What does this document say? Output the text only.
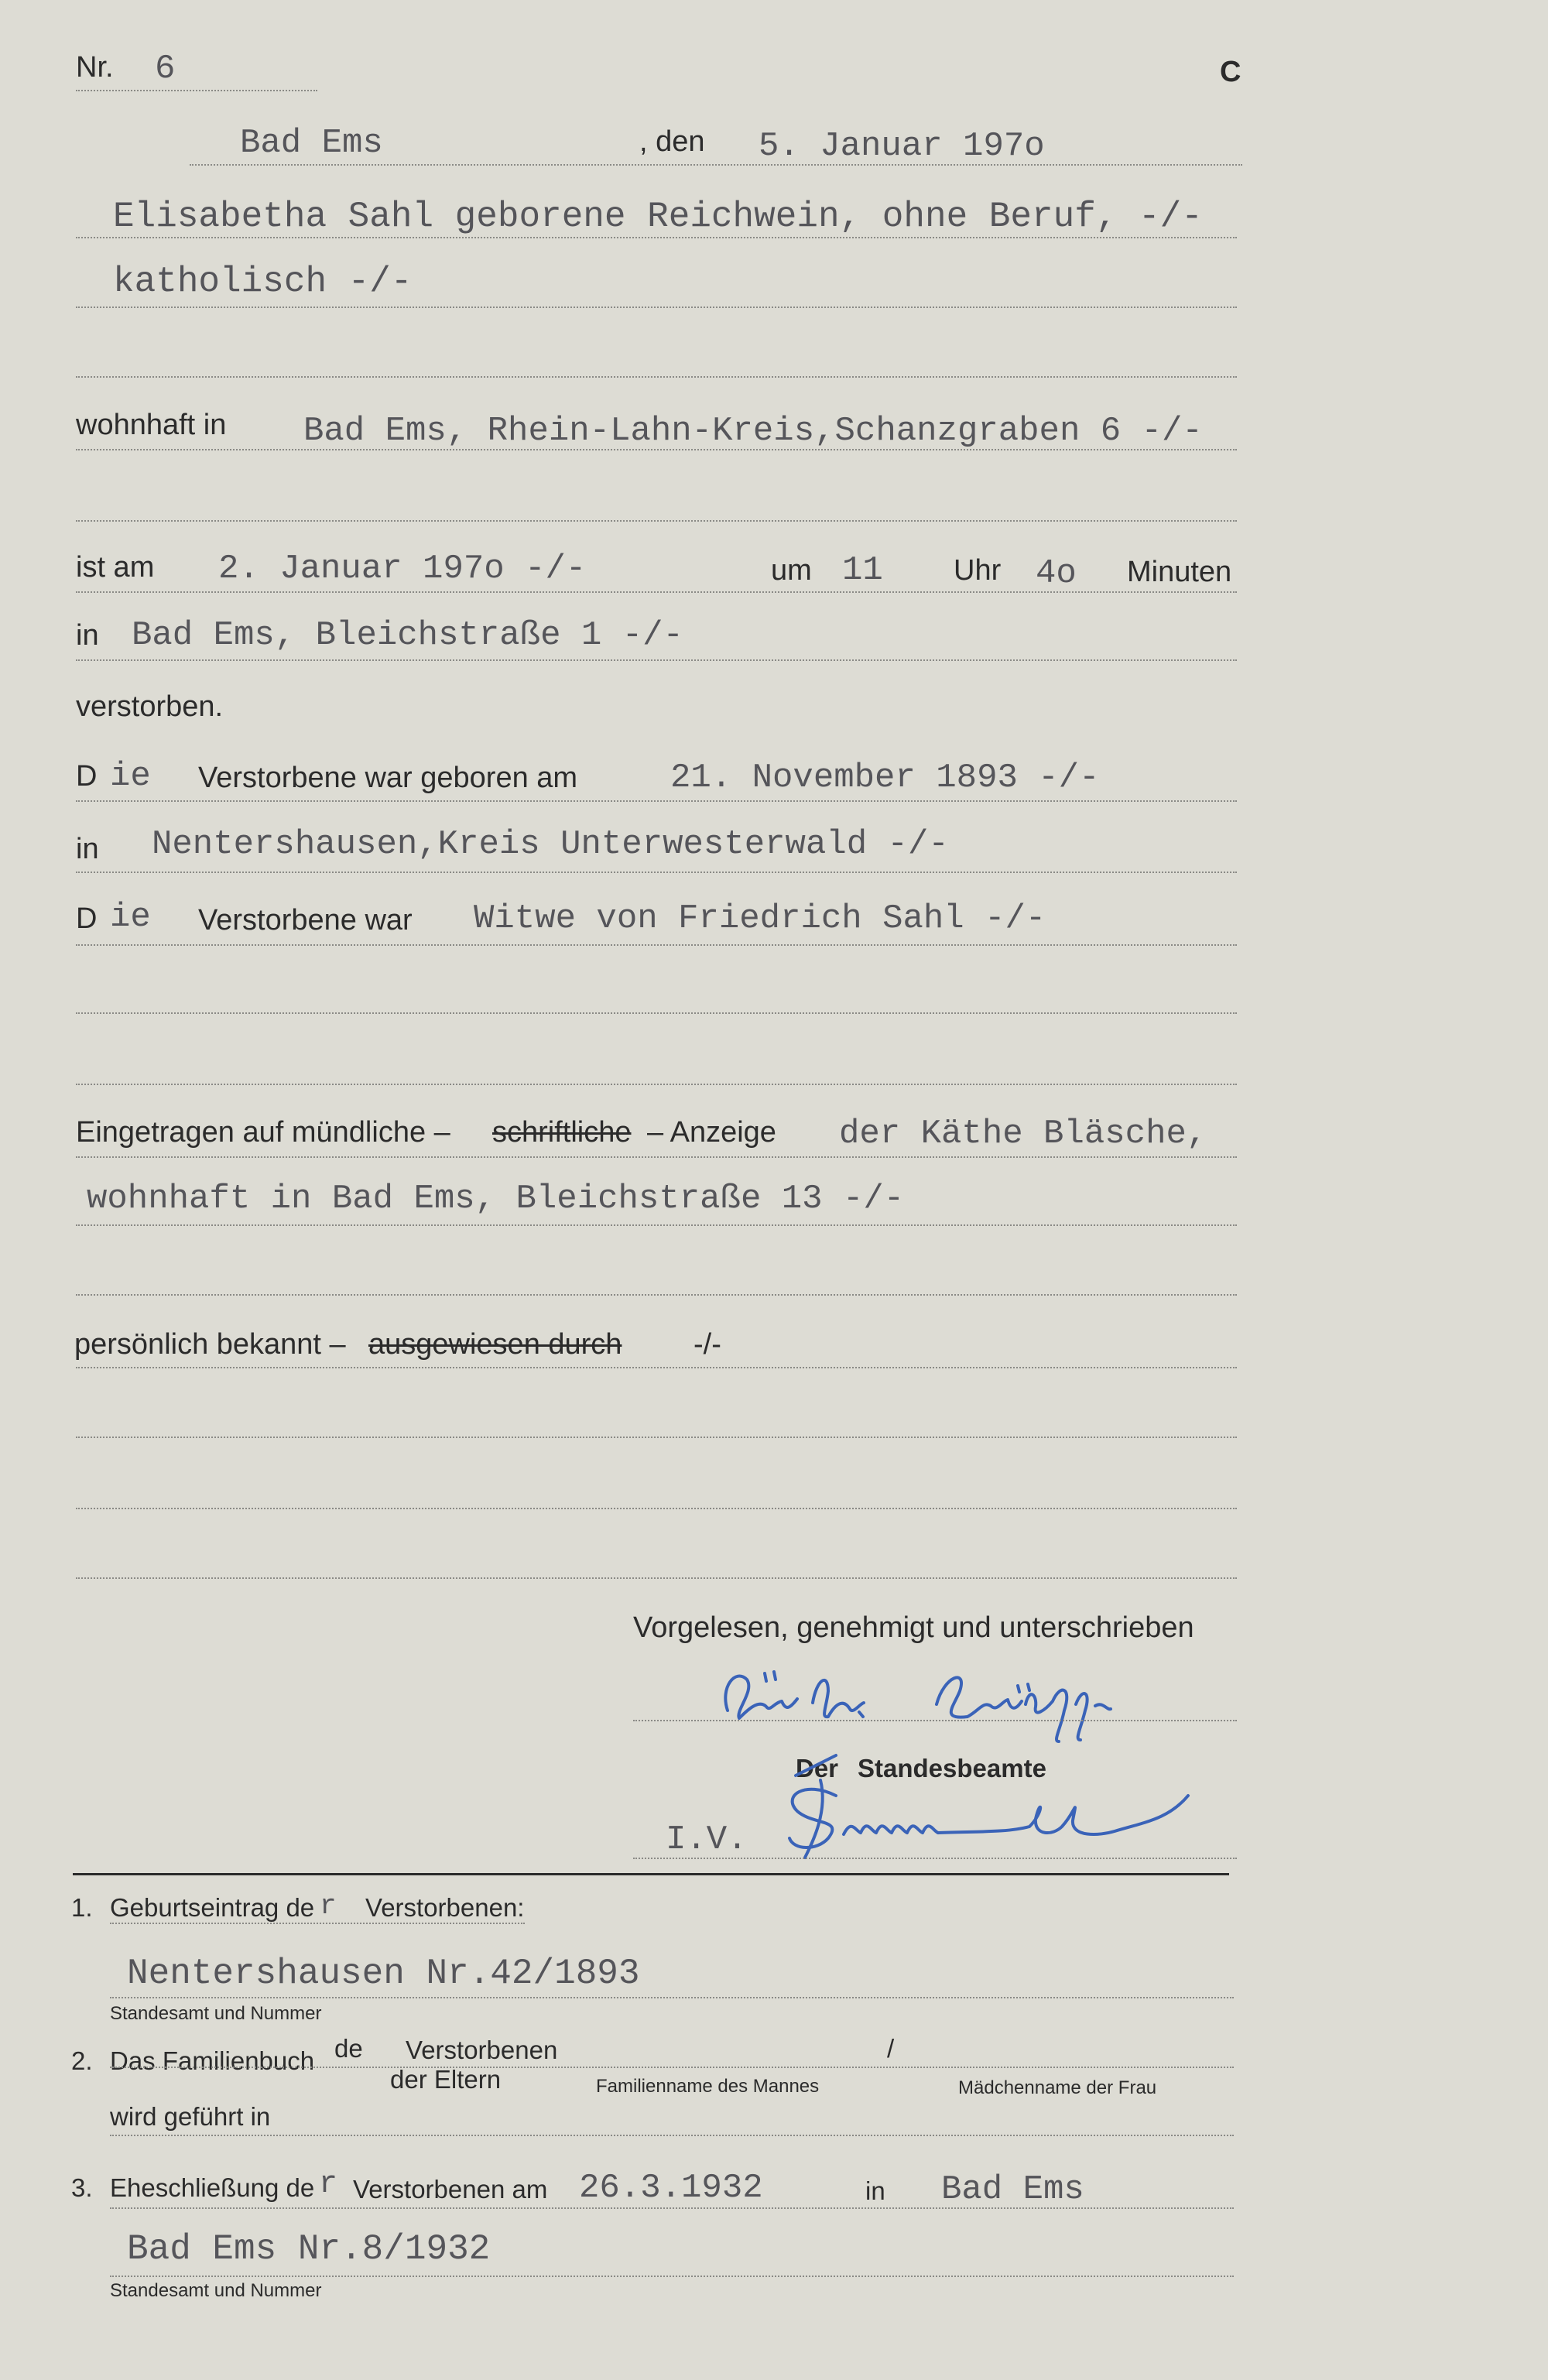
Nr. 6	C
Bad Ems	, den 5. Januar 197o
Elisabetha Sahl geborene Reichwein, ohne Beruf, -/-
katholisch -/-
wohnhaft in Bad Ems, Rhein-Lahn-Kreis,Schanzgraben 6 -/-
ist am 2. Januar 197o -/-	um 11 Uhr 4o Minuten
in Bad Ems, Bleichstraße 1 -/-
verstorben.
D ie Verstorbene war geboren am	21. November 1893 -/-
in Nentershausen,Kreis Unterwesterwald -/-
D ie Verstorbene war Witwe von Friedrich Sahl -/-
Eingetragen auf mündliche – schriftliche – Anzeige der Käthe Bläsche,
wohnhaft in Bad Ems, Bleichstraße 13 -/-
persönlich bekannt – ausgewiesen durch -/-
Vorgelesen, genehmigt und unterschrieben
Der Standesbeamte
I.V.
1. Geburtseintrag de r Verstorbenen:
Nentershausen Nr.42/1893
Standesamt und Nummer
2. Das Familienbuch de Verstorbenen
der Eltern
/
Familienname des Mannes	Mädchenname der Frau
wird geführt in
3. Eheschließung de r Verstorbenen am 26.3.1932	in Bad Ems
Bad Ems Nr.8/1932
Standesamt und Nummer
